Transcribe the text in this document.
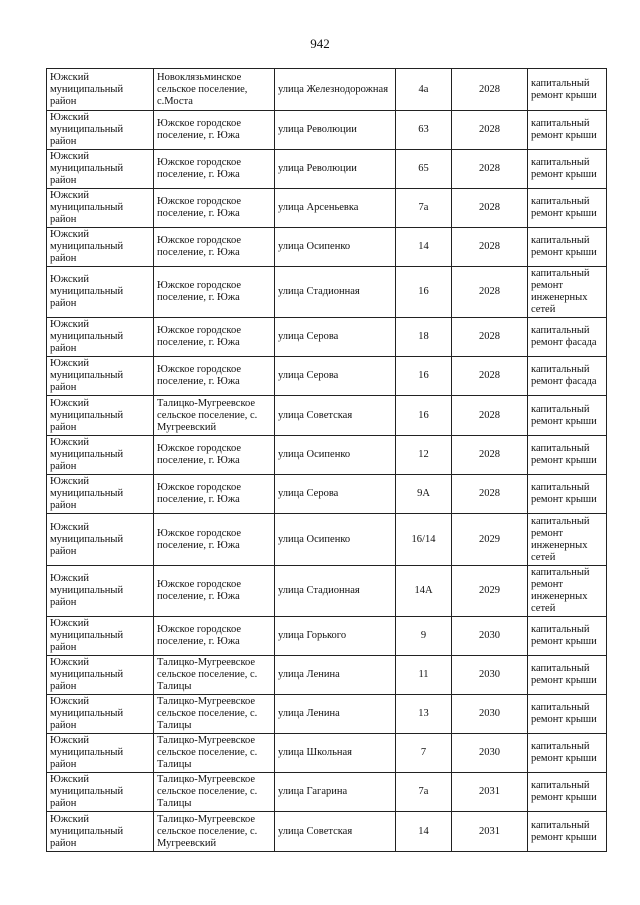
942
Южский муниципальный район	Новоклязьминское сельское поселение, с.Моста	улица Железнодорожная	4а	2028	капитальный ремонт крыши
Южский муниципальный район	Южское городское поселение, г. Южа	улица Революции	63	2028	капитальный ремонт крыши
Южский муниципальный район	Южское городское поселение, г. Южа	улица Революции	65	2028	капитальный ремонт крыши
Южский муниципальный район	Южское городское поселение, г. Южа	улица Арсеньевка	7а	2028	капитальный ремонт крыши
Южский муниципальный район	Южское городское поселение, г. Южа	улица Осипенко	14	2028	капитальный ремонт крыши
Южский муниципальный район	Южское городское поселение, г. Южа	улица Стадионная	16	2028	капитальный ремонт инженерных сетей
Южский муниципальный район	Южское городское поселение, г. Южа	улица Серова	18	2028	капитальный ремонт фасада
Южский муниципальный район	Южское городское поселение, г. Южа	улица Серова	16	2028	капитальный ремонт фасада
Южский муниципальный район	Талицко-Мугреевское сельское поселение, с. Мугреевский	улица Советская	16	2028	капитальный ремонт крыши
Южский муниципальный район	Южское городское поселение, г. Южа	улица Осипенко	12	2028	капитальный ремонт крыши
Южский муниципальный район	Южское городское поселение, г. Южа	улица Серова	9А	2028	капитальный ремонт крыши
Южский муниципальный район	Южское городское поселение, г. Южа	улица Осипенко	16/14	2029	капитальный ремонт инженерных сетей
Южский муниципальный район	Южское городское поселение, г. Южа	улица Стадионная	14А	2029	капитальный ремонт инженерных сетей
Южский муниципальный район	Южское городское поселение, г. Южа	улица Горького	9	2030	капитальный ремонт крыши
Южский муниципальный район	Талицко-Мугреевское сельское поселение, с. Талицы	улица Ленина	11	2030	капитальный ремонт крыши
Южский муниципальный район	Талицко-Мугреевское сельское поселение, с. Талицы	улица Ленина	13	2030	капитальный ремонт крыши
Южский муниципальный район	Талицко-Мугреевское сельское поселение, с. Талицы	улица Школьная	7	2030	капитальный ремонт крыши
Южский муниципальный район	Талицко-Мугреевское сельское поселение, с. Талицы	улица Гагарина	7а	2031	капитальный ремонт крыши
Южский муниципальный район	Талицко-Мугреевское сельское поселение, с. Мугреевский	улица Советская	14	2031	капитальный ремонт крыши
